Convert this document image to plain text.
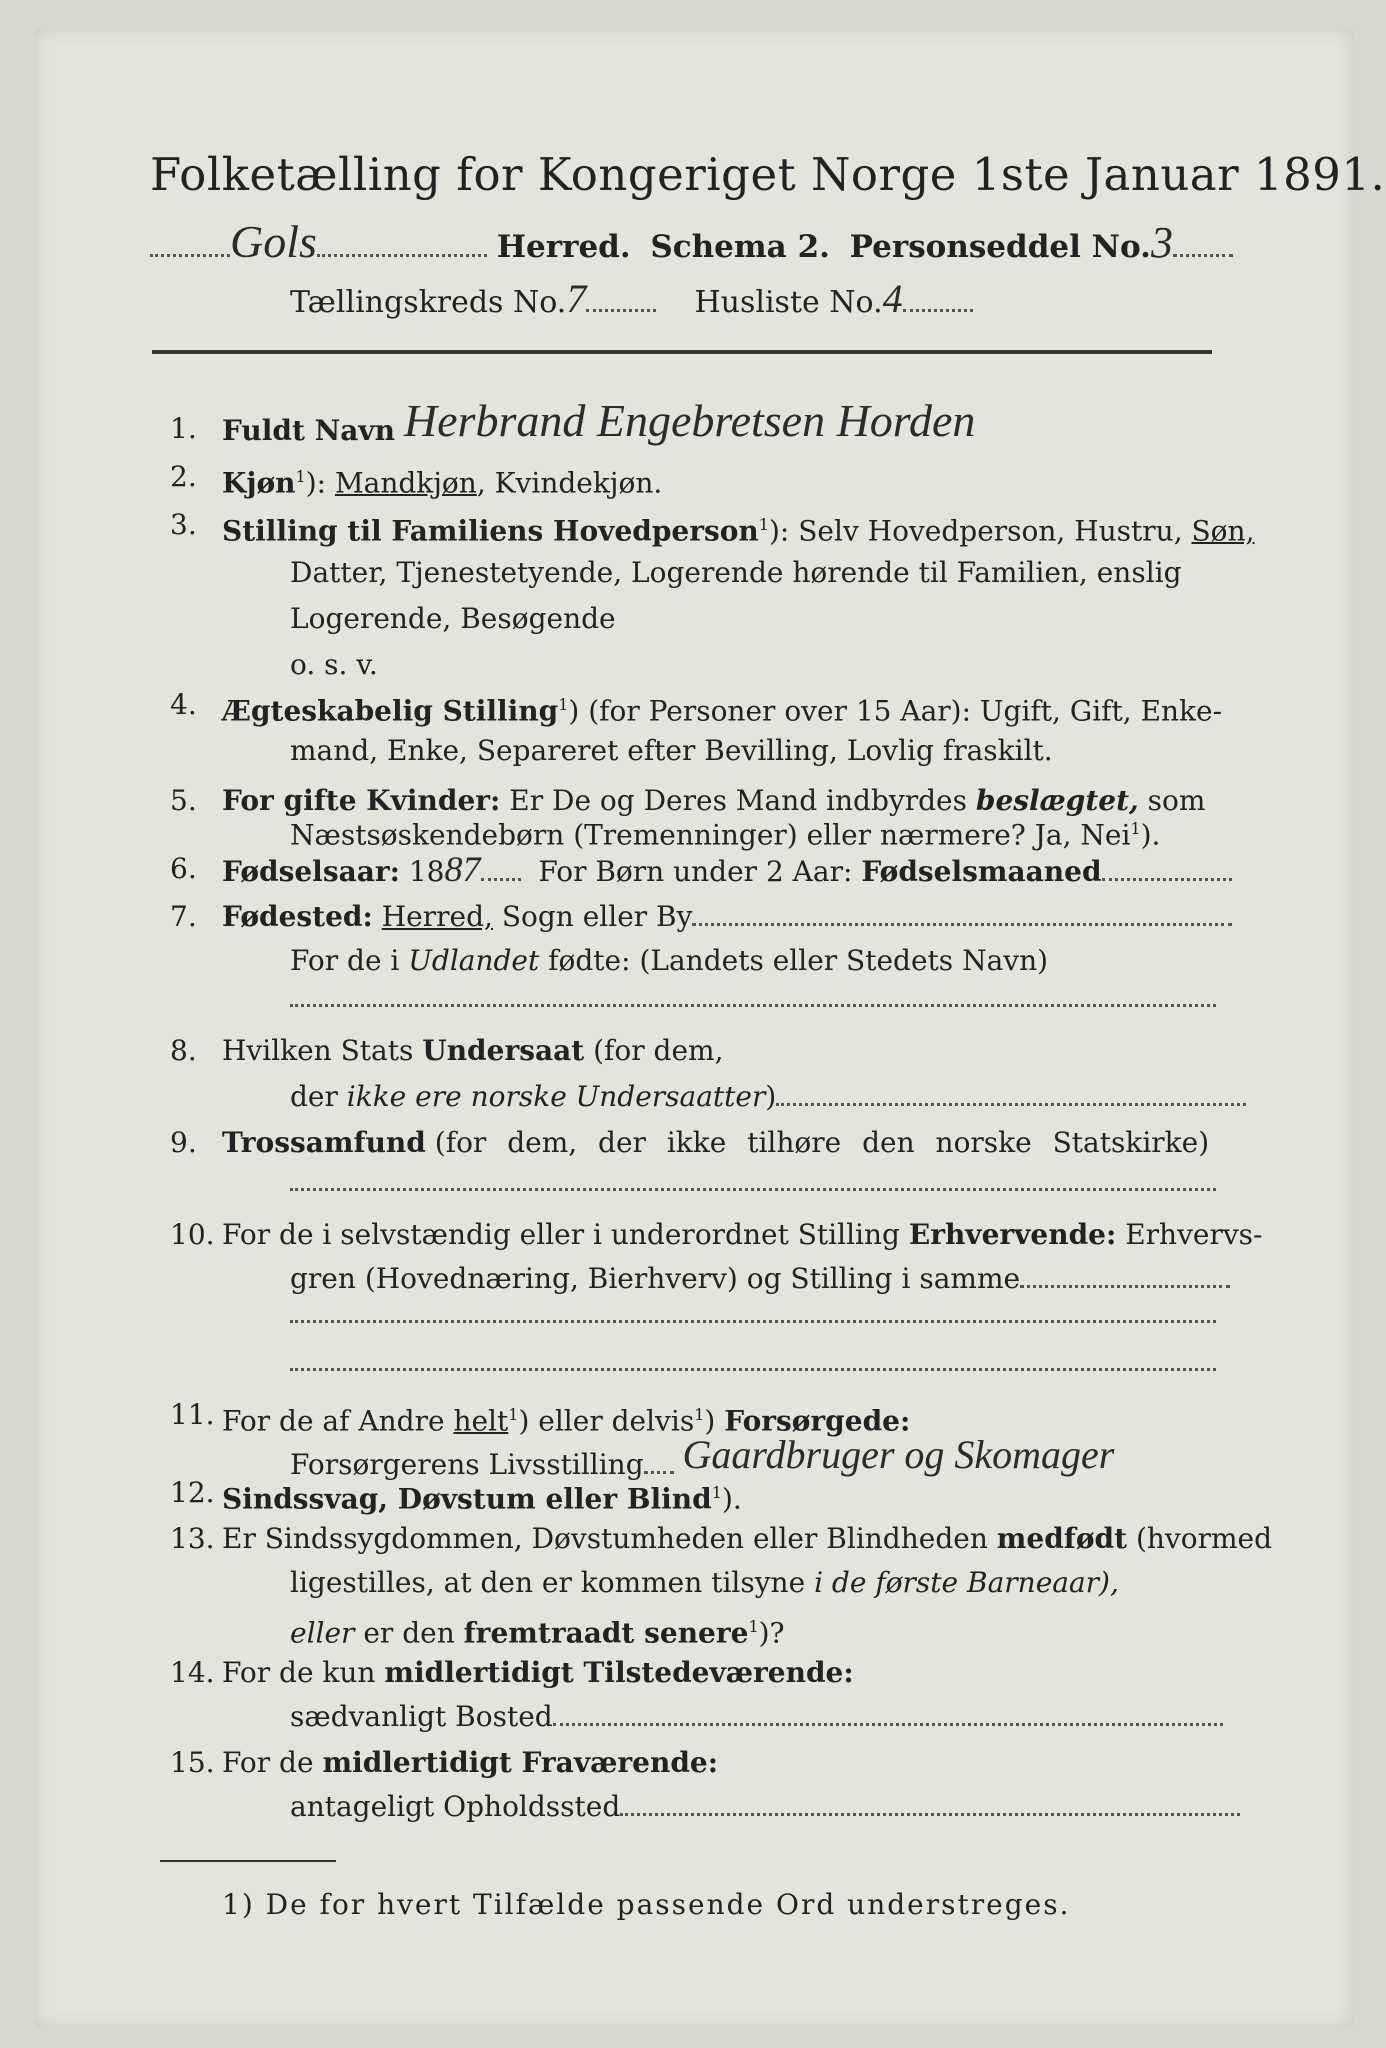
Folketælling for Kongeriget Norge 1ste Januar 1891.
Gols	Herred. Schema 2. Personseddel No.3
Tællingskreds No.7	Husliste No.4
1. Fuldt Navn Herbrand Engebretsen Horden
2. Kjøn$^1$): Mandkjøn, Kvindekjøn.
3. Stilling til Familiens Hovedperson$^1$): Selv Hovedperson, Hustru, Søn,
Datter, Tjenestetyende, Logerende hørende til Familien, enslig
Logerende, Besøgende
o. s. v.
4. Ægteskabelig Stilling$^1$) (for Personer over 15 Aar): Ugift, Gift, Enke-
mand, Enke, Separeret efter Bevilling, Lovlig fraskilt.
5. For gifte Kvinder: Er De og Deres Mand indbyrdes beslægtet, som
Næstsøskendebørn (Tremenninger) eller nærmere? Ja, Nei$^1$).
6. Fødselsaar: 1887 For Børn under 2 Aar: Fødselsmaaned
7. Fødested: Herred, Sogn eller By
For de i Udlandet fødte: (Landets eller Stedets Navn)
8. Hvilken Stats Undersaat (for dem,
der ikke ere norske Undersaatter)
9. Trossamfund (for dem, der ikke tilhøre den norske Statskirke)
10. For de i selvstændig eller i underordnet Stilling Erhvervende: Erhvervs-
gren (Hovednæring, Bierhverv) og Stilling i samme
11. For de af Andre helt$^1$) eller delvis$^1$) Forsørgede:
Forsørgerens Livsstilling Gaardbruger og Skomager
12. Sindssvag, Døvstum eller Blind$^1$).
13. Er Sindssygdommen, Døvstumheden eller Blindheden medfødt (hvormed
ligestilles, at den er kommen tilsyne i de første Barneaar),
eller er den fremtraadt senere$^1$)?
14. For de kun midlertidigt Tilstedeværende:
sædvanligt Bosted
15. For de midlertidigt Fraværende:
antageligt Opholdssted
1) De for hvert Tilfælde passende Ord understreges.
